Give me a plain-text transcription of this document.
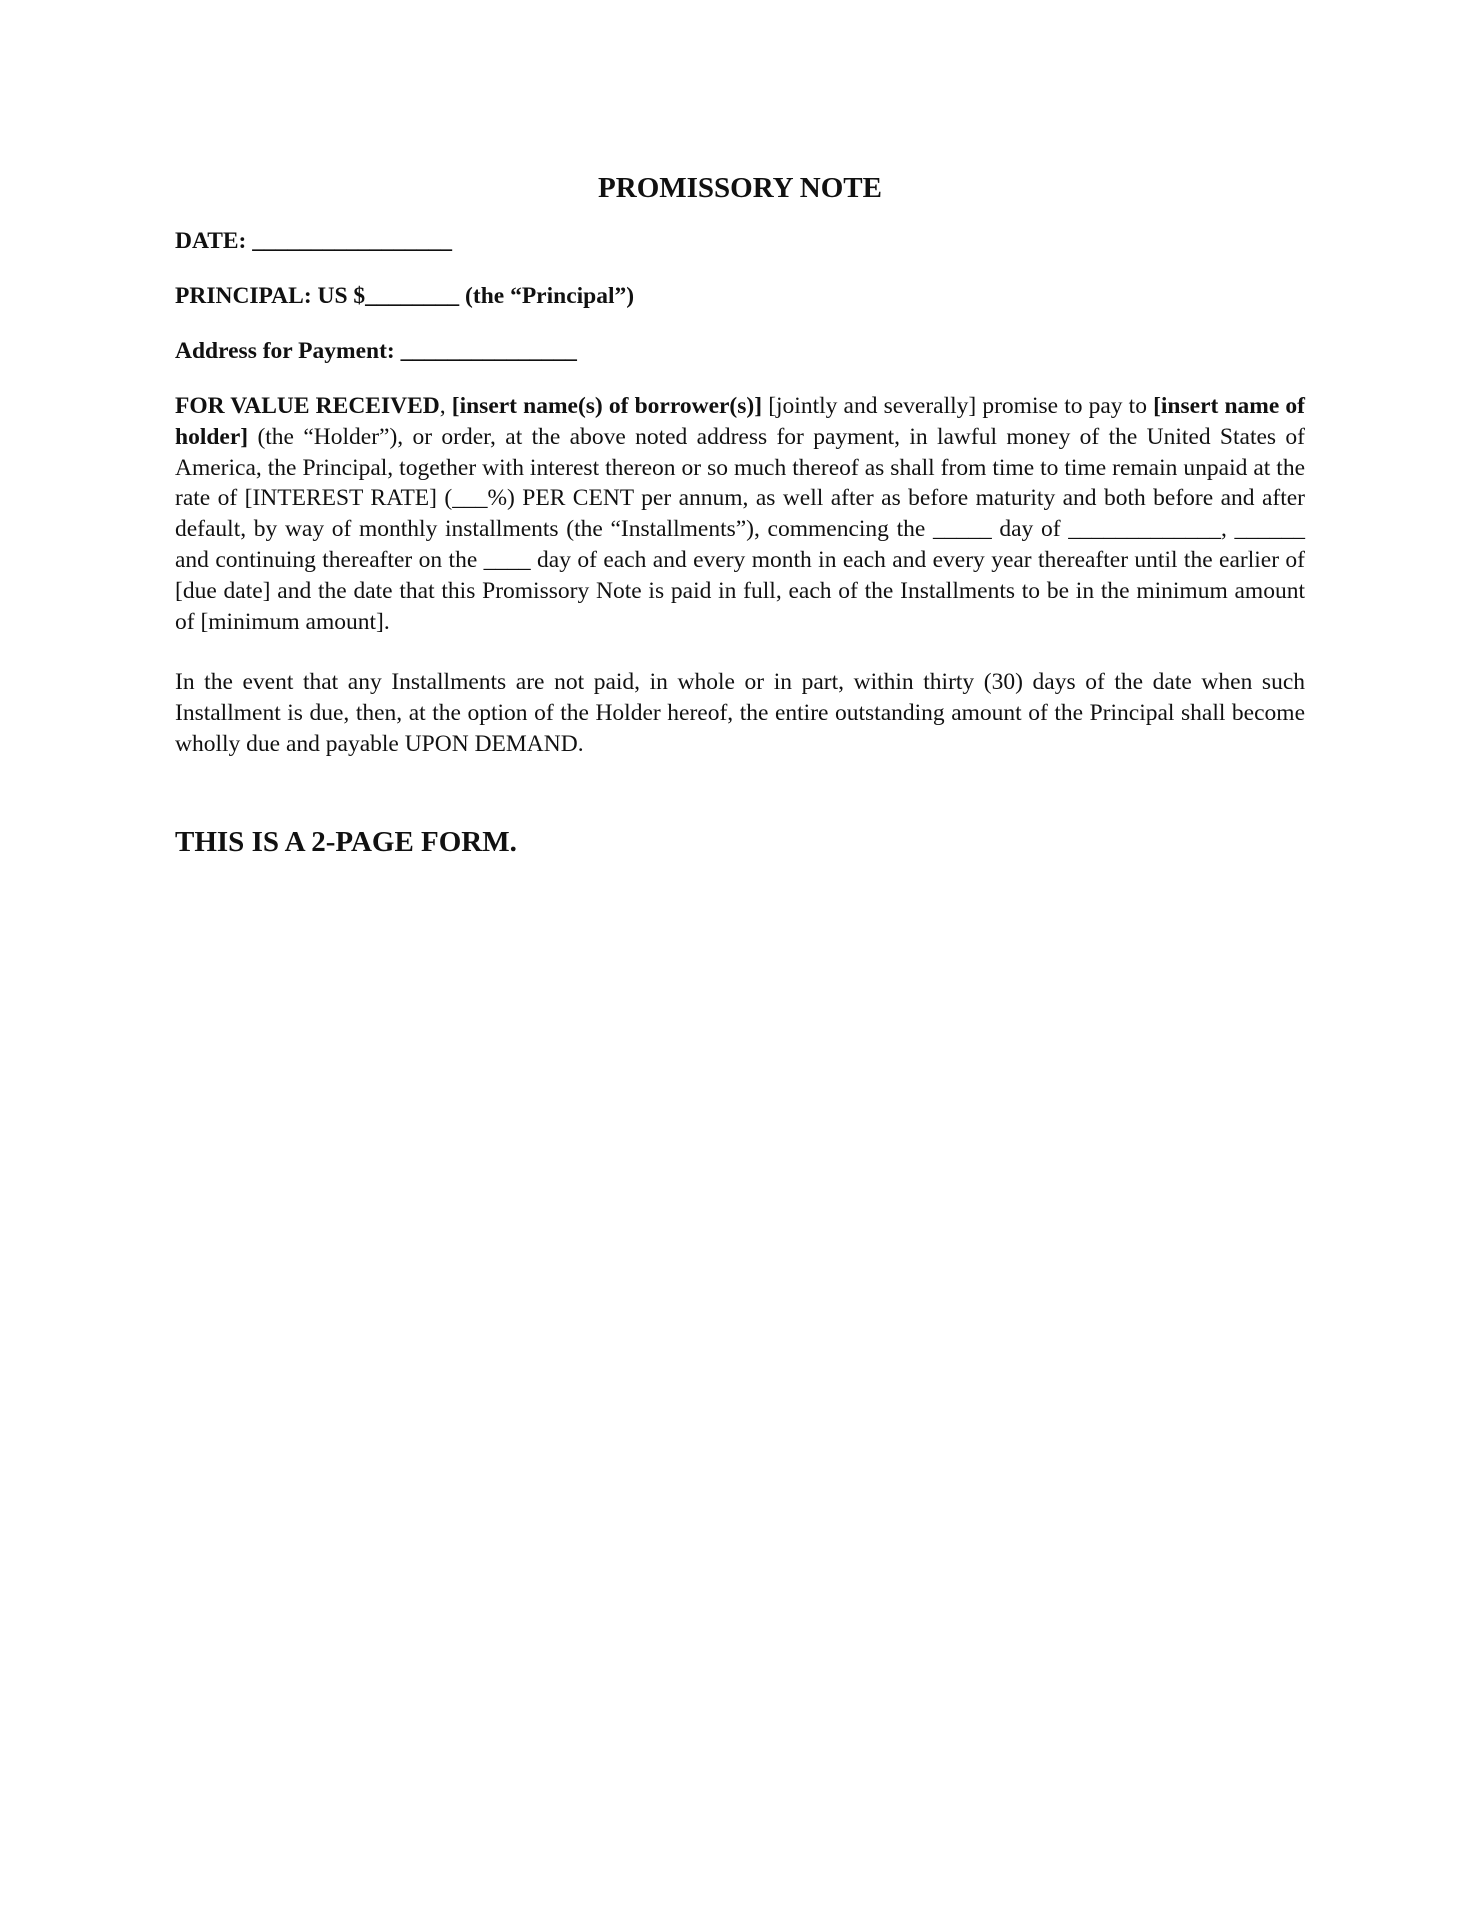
PROMISSORY NOTE
DATE: _________________
PRINCIPAL: US $________ (the “Principal”)
Address for Payment: _______________

FOR VALUE RECEIVED, [insert name(s) of borrower(s)] [jointly and severally] promise to pay to [insert name of holder] (the “Holder”), or order, at the above noted address for payment, in lawful money of the United States of America, the Principal, together with interest thereon or so much thereof as shall from time to time remain unpaid at the rate of [INTEREST RATE] (___%) PER CENT per annum, as well after as before maturity and both before and after default, by way of monthly installments (the “Installments”), commencing the _____ day of _____________, ______ and continuing thereafter on the ____ day of each and every month in each and every year thereafter until the earlier of [due date] and the date that this Promissory Note is paid in full, each of the Installments to be in the minimum amount of [minimum amount].

In the event that any Installments are not paid, in whole or in part, within thirty (30) days of the date when such Installment is due, then, at the option of the Holder hereof, the entire outstanding amount of the Principal shall become wholly due and payable UPON DEMAND.

THIS IS A 2-PAGE FORM.
